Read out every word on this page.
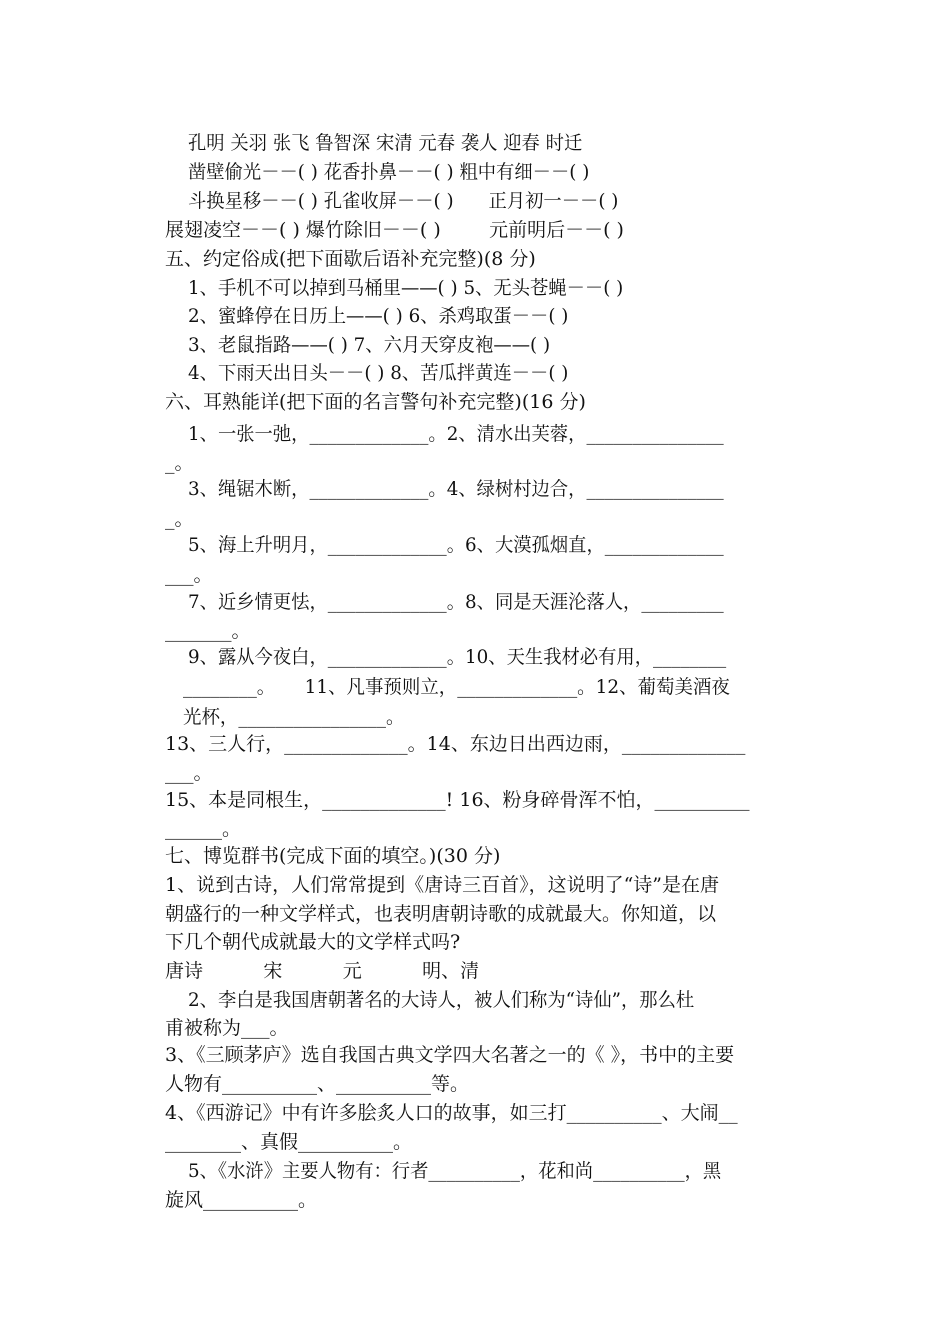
孔明 关羽 张飞 鲁智深 宋清 元春 袭人 迎春 时迁
凿壁偷光－－( ) 花香扑鼻－－( ) 粗中有细－－( )
斗换星移－－( ) 孔雀收屏－－( )      正月初一－－( )
展翅凌空－－( ) 爆竹除旧－－( )        元前明后－－( )
五、约定俗成(把下面歇后语补充完整)(8 分)
1、手机不可以掉到马桶里——( ) 5、无头苍蝇－－( )
2、蜜蜂停在日历上——( ) 6、杀鸡取蛋－－( )
3、老鼠指路——( ) 7、六月天穿皮袍——( )
4、下雨天出日头－－( ) 8、苦瓜拌黄连－－( )
六、耳熟能详(把下面的名言警句补充完整)(16 分)
1、一张一弛，_____________。2、清水出芙蓉，_______________
_。
3、绳锯木断，_____________。4、绿树村边合，_______________
_。
5、海上升明月，_____________。6、大漠孤烟直，_____________
___。
7、近乡情更怯，_____________。8、同是天涯沦落人，_________
_______。
9、露从今夜白，_____________。10、天生我材必有用，________
________。     11、凡事预则立，_____________。12、葡萄美酒夜
光杯，________________。
13、三人行，_____________。14、东边日出西边雨，_____________
___。
15、本是同根生，_____________! 16、粉身碎骨浑不怕，__________
______。
七、博览群书(完成下面的填空。)(30 分)
1、说到古诗，人们常常提到《唐诗三百首》，这说明了“诗”是在唐
朝盛行的一种文学样式，也表明唐朝诗歌的成就最大。你知道，以
下几个朝代成就最大的文学样式吗?
唐诗          宋          元          明、清
2、李白是我国唐朝著名的大诗人，被人们称为“诗仙”，那么杜
甫被称为___。
3、《三顾茅庐》选自我国古典文学四大名著之一的《 》，书中的主要
人物有__________、__________等。
4、《西游记》中有许多脍炙人口的故事，如三打__________、大闹__
________、真假__________。
5、《水浒》主要人物有：行者__________，花和尚__________，黑
旋风__________。
